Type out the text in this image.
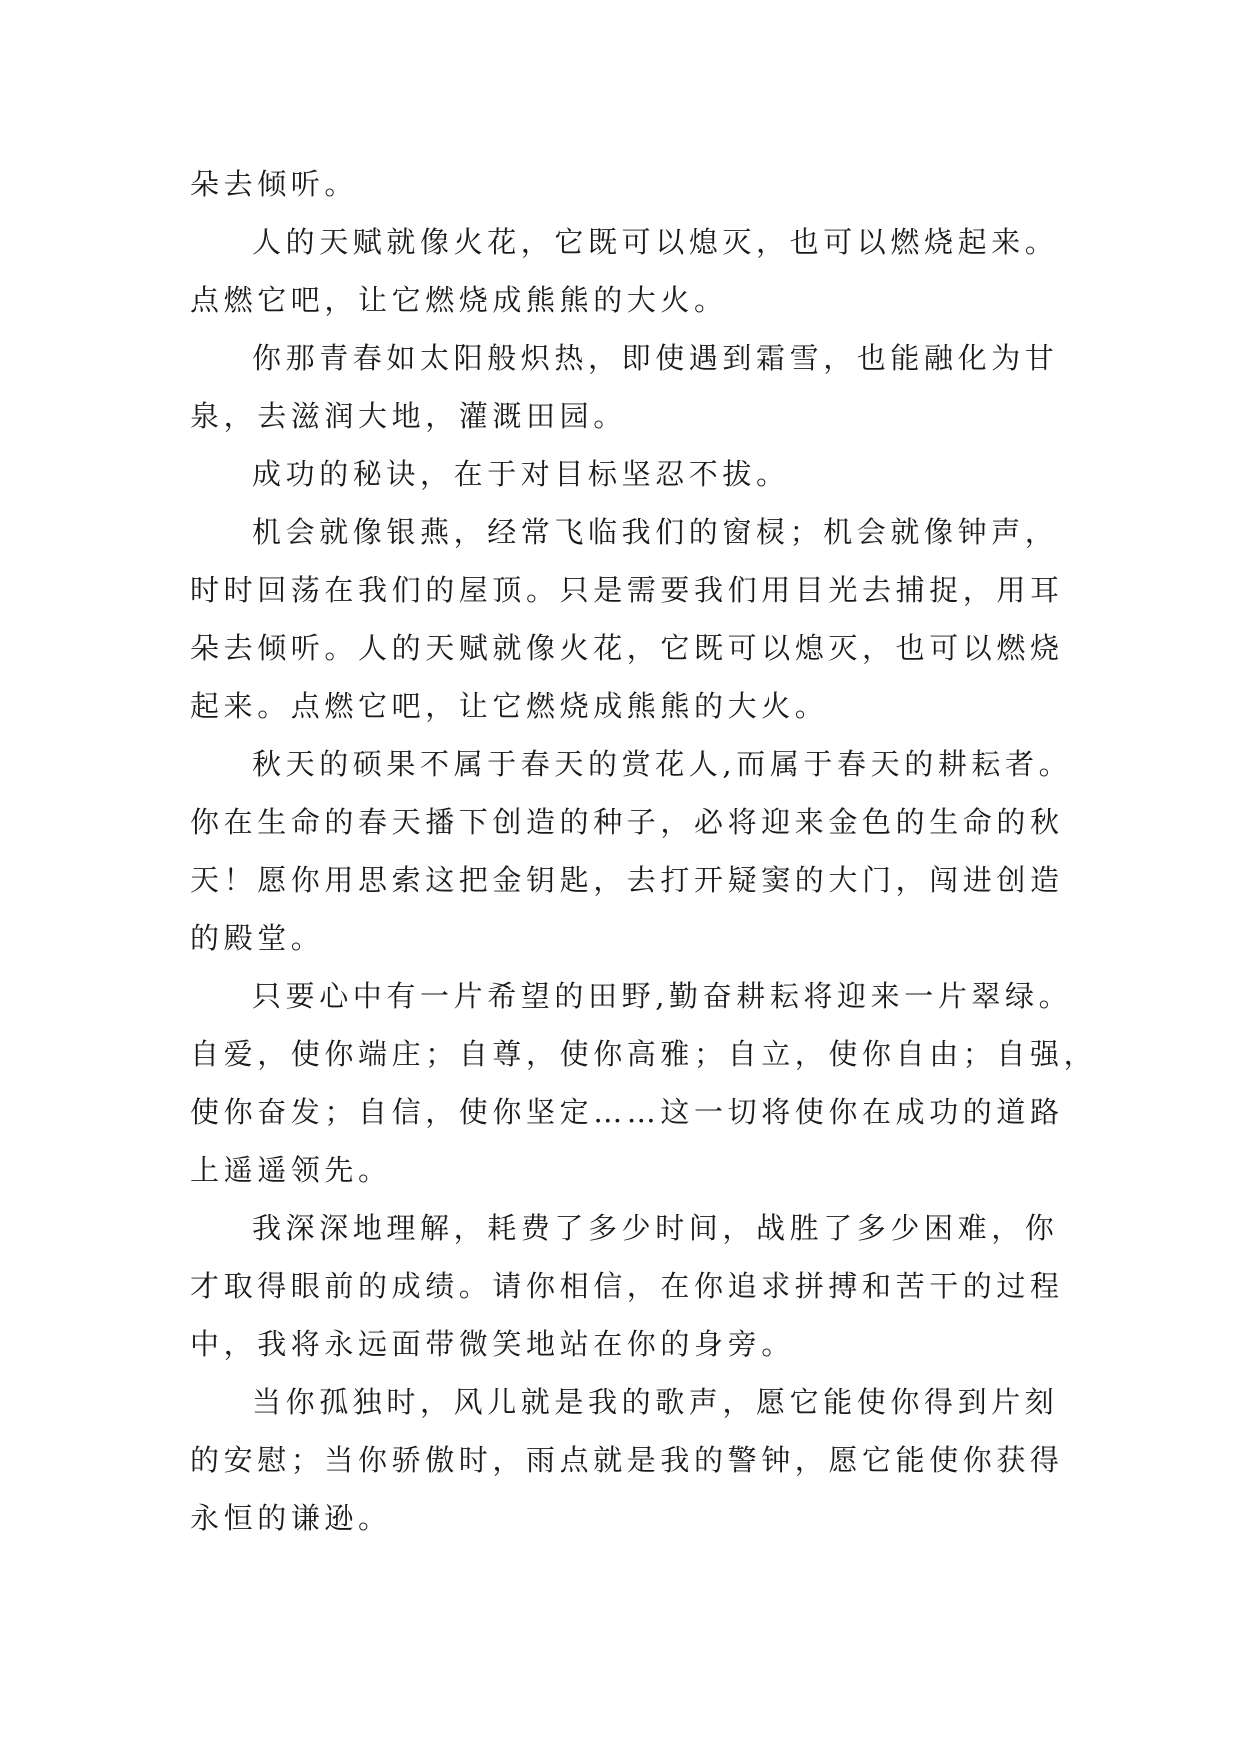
朵去倾听。
人的天赋就像火花，它既可以熄灭，也可以燃烧起来。
点燃它吧，让它燃烧成熊熊的大火。
你那青春如太阳般炽热，即使遇到霜雪，也能融化为甘
泉，去滋润大地，灌溉田园。
成功的秘诀，在于对目标坚忍不拔。
机会就像银燕，经常飞临我们的窗棂；机会就像钟声，
时时回荡在我们的屋顶。只是需要我们用目光去捕捉，用耳
朵去倾听。人的天赋就像火花，它既可以熄灭，也可以燃烧
起来。点燃它吧，让它燃烧成熊熊的大火。
秋天的硕果不属于春天的赏花人,而属于春天的耕耘者。
你在生命的春天播下创造的种子，必将迎来金色的生命的秋
天！愿你用思索这把金钥匙，去打开疑窦的大门，闯进创造
的殿堂。
只要心中有一片希望的田野,勤奋耕耘将迎来一片翠绿。
自爱，使你端庄；自尊，使你高雅；自立，使你自由；自强，
使你奋发；自信，使你坚定……这一切将使你在成功的道路
上遥遥领先。
我深深地理解，耗费了多少时间，战胜了多少困难，你
才取得眼前的成绩。请你相信，在你追求拼搏和苦干的过程
中，我将永远面带微笑地站在你的身旁。
当你孤独时，风儿就是我的歌声，愿它能使你得到片刻
的安慰；当你骄傲时，雨点就是我的警钟，愿它能使你获得
永恒的谦逊。
